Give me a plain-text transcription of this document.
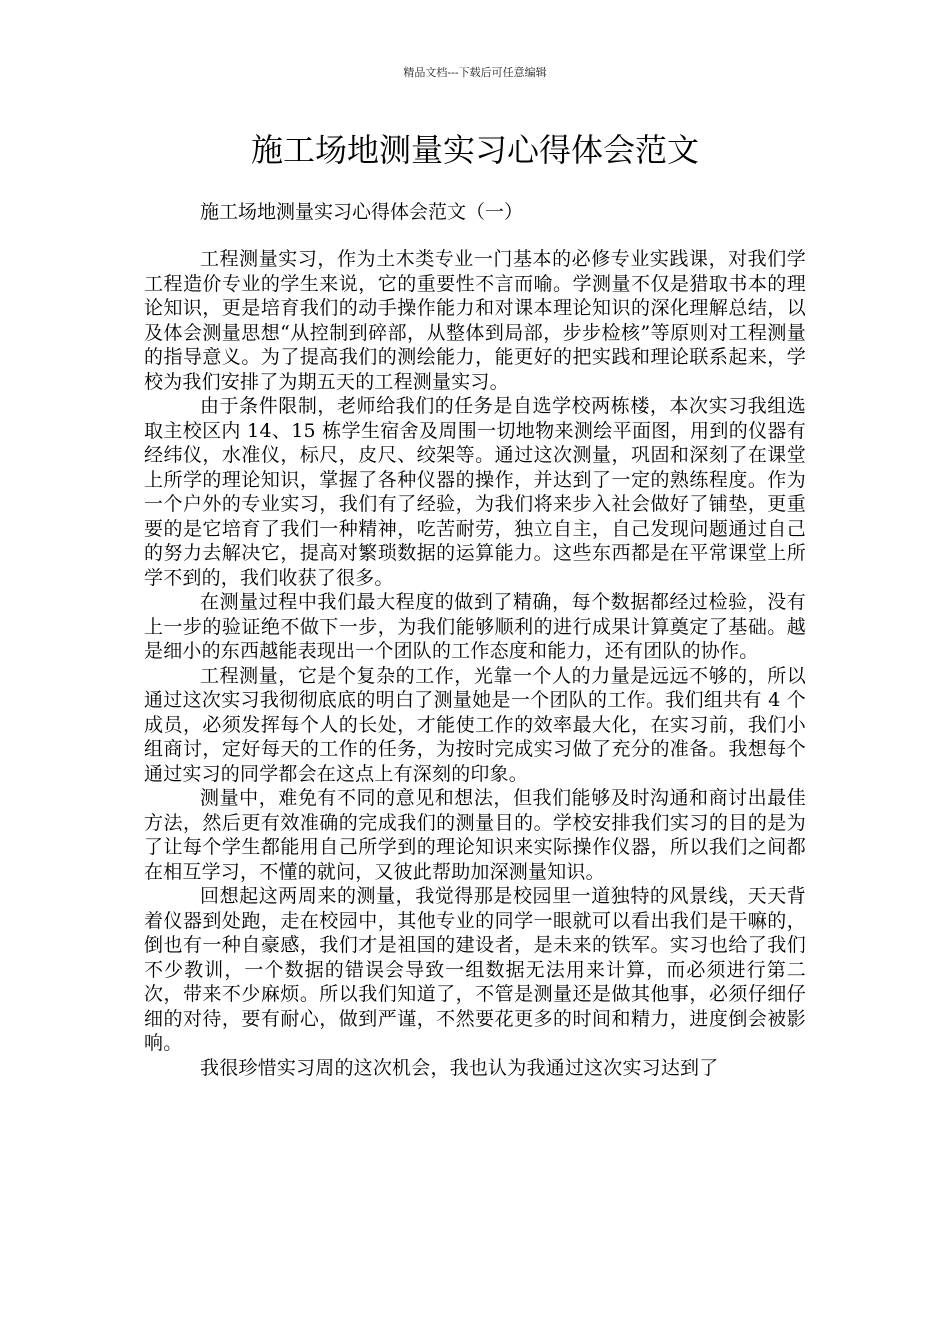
精品文档---下载后可任意编辑
施工场地测量实习心得体会范文
施工场地测量实习心得体会范文（一）

工程测量实习，作为土木类专业一门基本的必修专业实践课，对我们学工程造价专业的学生来说，它的重要性不言而喻。学测量不仅是猎取书本的理论知识，更是培育我们的动手操作能力和对课本理论知识的深化理解总结，以及体会测量思想“从控制到碎部，从整体到局部，步步检核”等原则对工程测量的指导意义。为了提高我们的测绘能力，能更好的把实践和理论联系起来，学校为我们安排了为期五天的工程测量实习。

由于条件限制，老师给我们的任务是自选学校两栋楼，本次实习我组选取主校区内 14、15 栋学生宿舍及周围一切地物来测绘平面图，用到的仪器有经纬仪，水准仪，标尺，皮尺、绞架等。通过这次测量，巩固和深刻了在课堂上所学的理论知识，掌握了各种仪器的操作，并达到了一定的熟练程度。作为一个户外的专业实习，我们有了经验，为我们将来步入社会做好了铺垫，更重要的是它培育了我们一种精神，吃苦耐劳，独立自主，自己发现问题通过自己的努力去解决它，提高对繁琐数据的运算能力。这些东西都是在平常课堂上所学不到的，我们收获了很多。

在测量过程中我们最大程度的做到了精确，每个数据都经过检验，没有上一步的验证绝不做下一步，为我们能够顺利的进行成果计算奠定了基础。越是细小的东西越能表现出一个团队的工作态度和能力，还有团队的协作。

工程测量，它是个复杂的工作，光靠一个人的力量是远远不够的，所以通过这次实习我彻彻底底的明白了测量她是一个团队的工作。我们组共有 4 个成员，必须发挥每个人的长处，才能使工作的效率最大化，在实习前，我们小组商讨，定好每天的工作的任务，为按时完成实习做了充分的准备。我想每个通过实习的同学都会在这点上有深刻的印象。

测量中，难免有不同的意见和想法，但我们能够及时沟通和商讨出最佳方法，然后更有效准确的完成我们的测量目的。学校安排我们实习的目的是为了让每个学生都能用自己所学到的理论知识来实际操作仪器，所以我们之间都在相互学习，不懂的就问，又彼此帮助加深测量知识。

回想起这两周来的测量，我觉得那是校园里一道独特的风景线，天天背着仪器到处跑，走在校园中，其他专业的同学一眼就可以看出我们是干嘛的，倒也有一种自豪感，我们才是祖国的建设者，是未来的铁军。实习也给了我们不少教训，一个数据的错误会导致一组数据无法用来计算，而必须进行第二次，带来不少麻烦。所以我们知道了，不管是测量还是做其他事，必须仔细仔细的对待，要有耐心，做到严谨，不然要花更多的时间和精力，进度倒会被影响。

我很珍惜实习周的这次机会，我也认为我通过这次实习达到了
